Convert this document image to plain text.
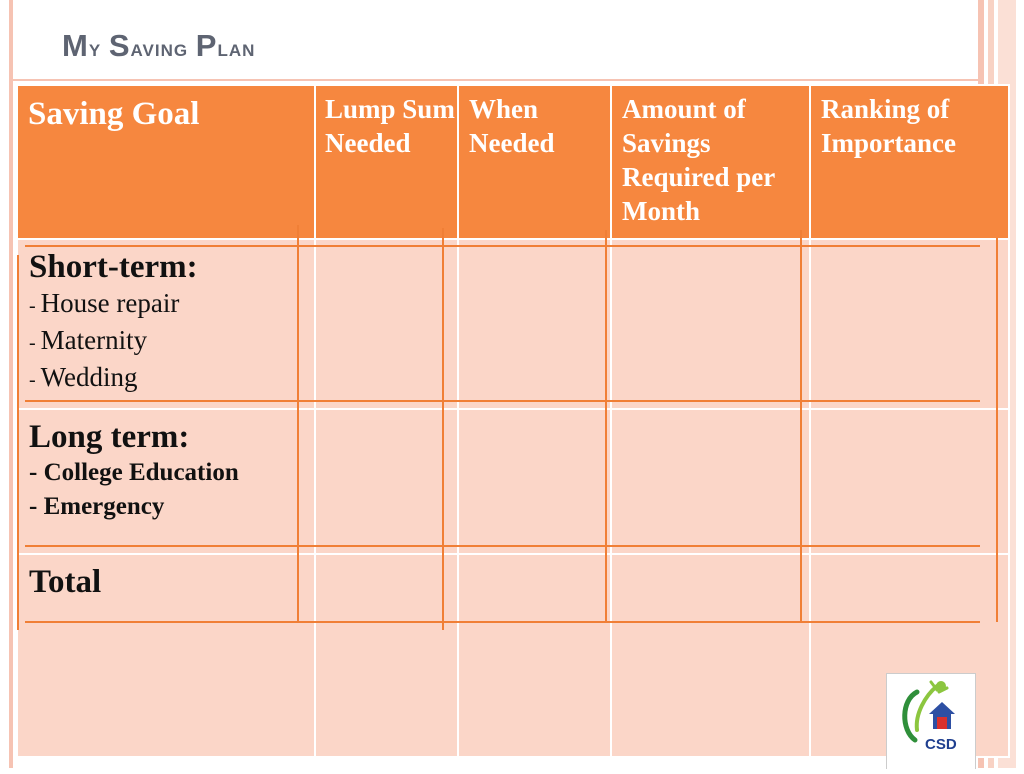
My Saving Plan
Saving Goal	Lump Sum Needed	When Needed	Amount of Savings Required per Month	Ranking of Importance

Short-term:
- House repair
- Maternity
- Wedding				

Long term:
- College Education
- Emergency				

Total				

CSD
